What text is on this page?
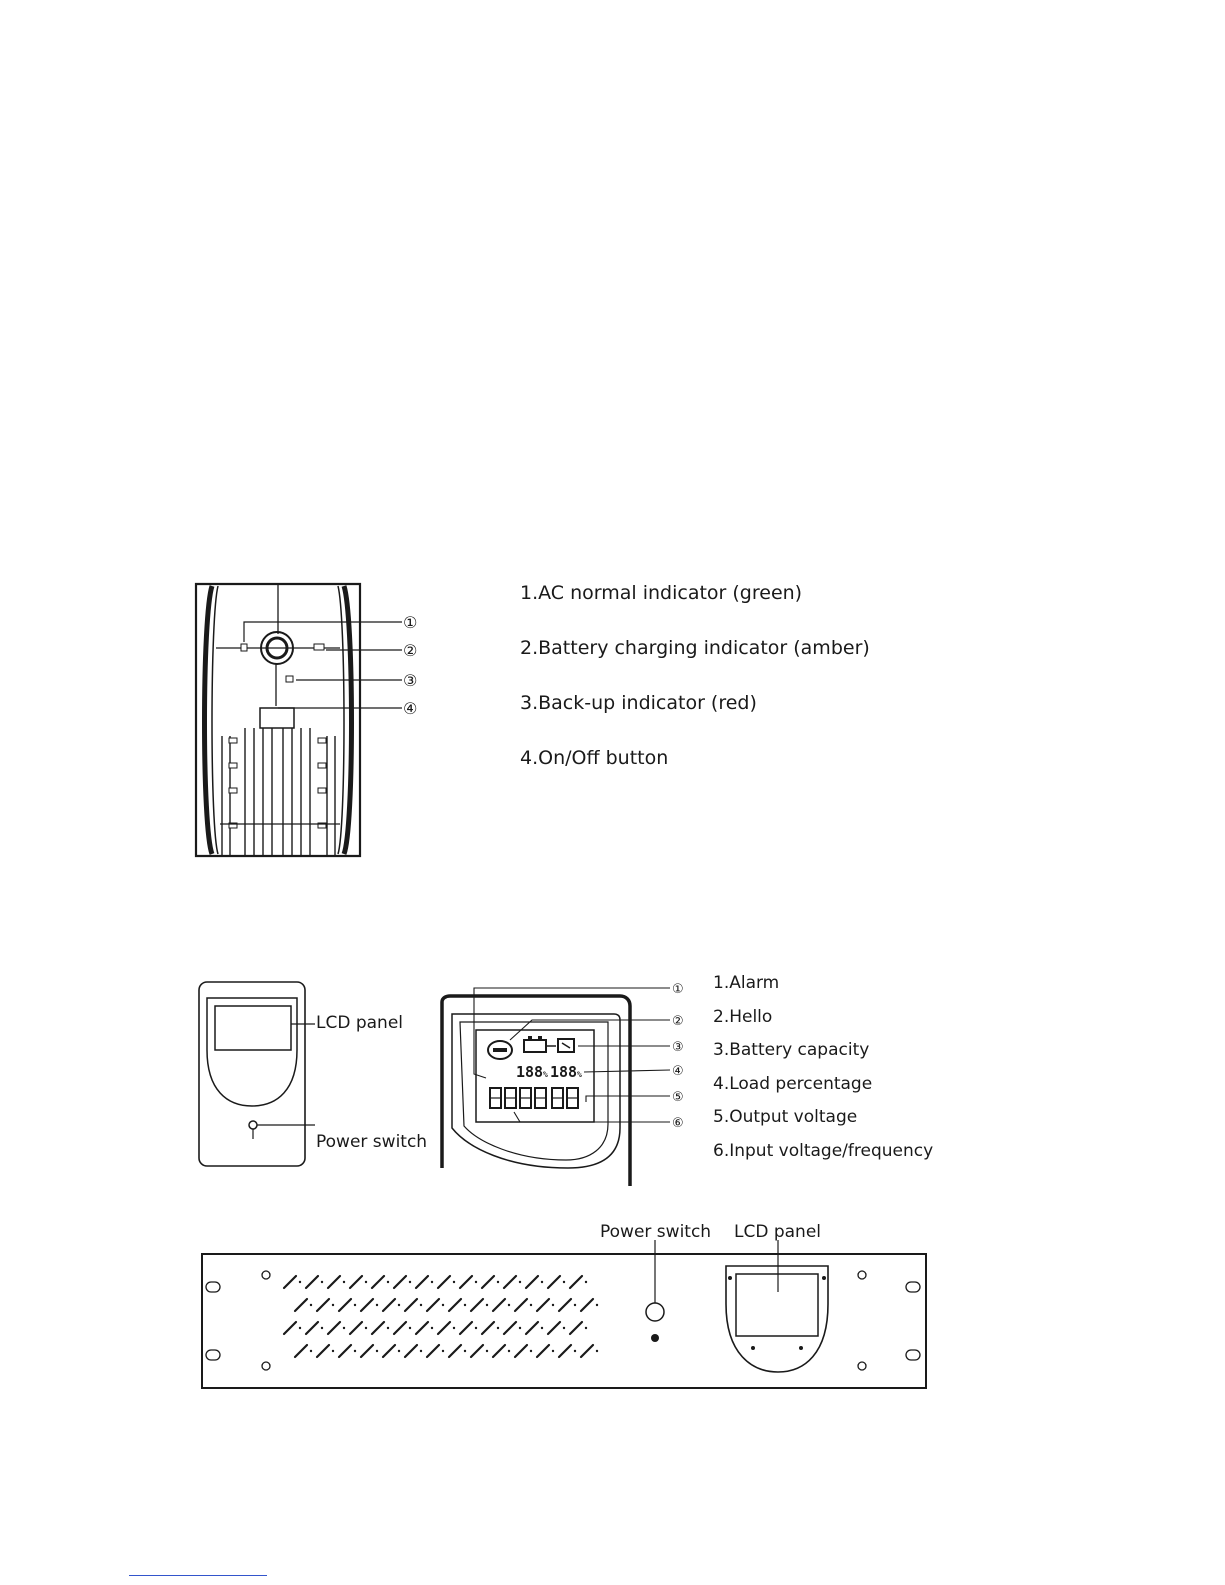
①
②
③
④
1.AC normal indicator (green)
2.Battery charging indicator (amber)
3.Back-up indicator (red)
4.On/Off button
LCD panel
Power switch
188 % 188 %
①
②
③
④
⑤
⑥
1.Alarm
2.Hello
3.Battery capacity
4.Load percentage
5.Output voltage
6.Input voltage/frequency
Power switch LCD panel
